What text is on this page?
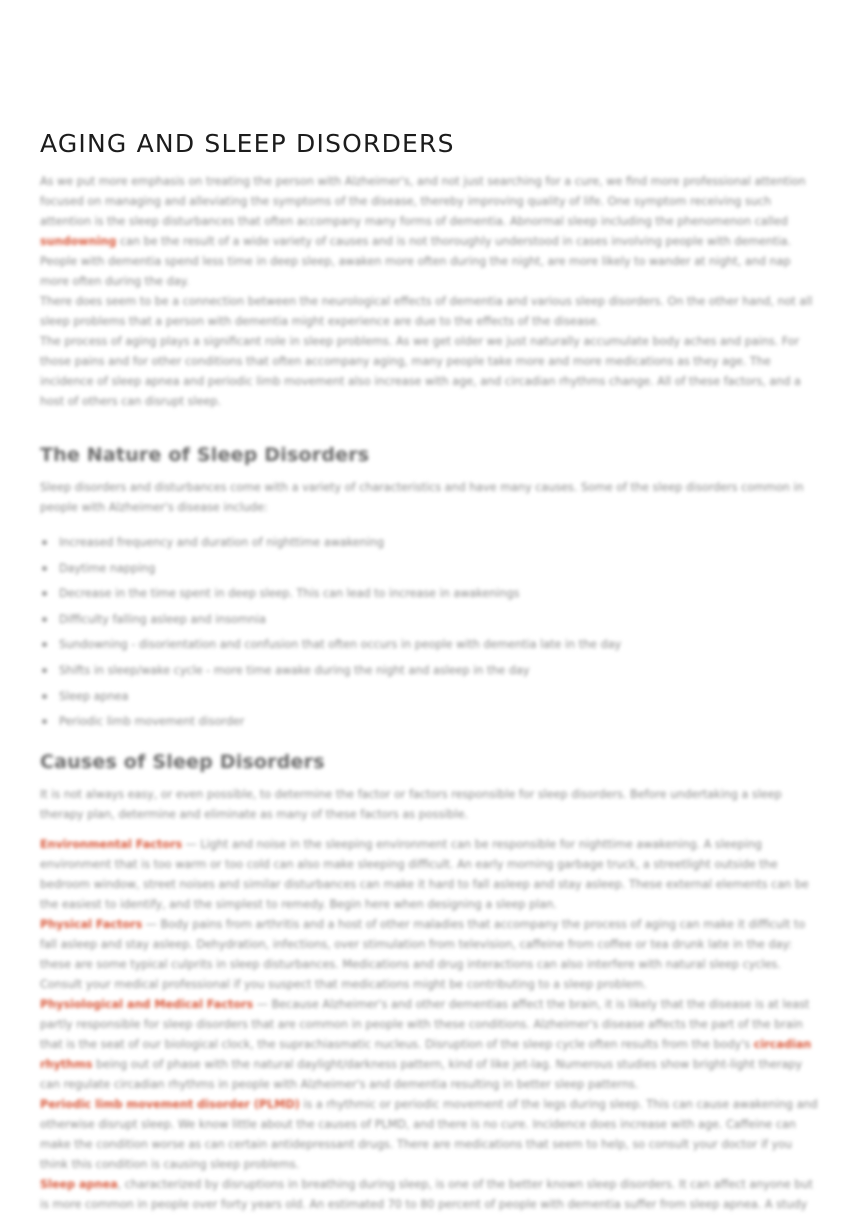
AGING AND SLEEP DISORDERS

As we put more emphasis on treating the person with Alzheimer's, and not just searching for a cure, we find more professional attention focused on managing and alleviating the symptoms of the disease, thereby improving quality of life. One symptom receiving such attention is the sleep disturbances that often accompany many forms of dementia. Abnormal sleep including the phenomenon called sundowning can be the result of a wide variety of causes and is not thoroughly understood in cases involving people with dementia. People with dementia spend less time in deep sleep, awaken more often during the night, are more likely to wander at night, and nap more often during the day.

There does seem to be a connection between the neurological effects of dementia and various sleep disorders. On the other hand, not all sleep problems that a person with dementia might experience are due to the effects of the disease.

The process of aging plays a significant role in sleep problems. As we get older we just naturally accumulate body aches and pains. For those pains and for other conditions that often accompany aging, many people take more and more medications as they age. The incidence of sleep apnea and periodic limb movement also increase with age, and circadian rhythms change. All of these factors, and a host of others can disrupt sleep.

The Nature of Sleep Disorders

Sleep disorders and disturbances come with a variety of characteristics and have many causes. Some of the sleep disorders common in people with Alzheimer's disease include:

Increased frequency and duration of nighttime awakening
Daytime napping
Decrease in the time spent in deep sleep. This can lead to increase in awakenings
Difficulty falling asleep and insomnia
Sundowning - disorientation and confusion that often occurs in people with dementia late in the day
Shifts in sleep/wake cycle - more time awake during the night and asleep in the day
Sleep apnea
Periodic limb movement disorder
Causes of Sleep Disorders

It is not always easy, or even possible, to determine the factor or factors responsible for sleep disorders. Before undertaking a sleep therapy plan, determine and eliminate as many of these factors as possible.

Environmental Factors — Light and noise in the sleeping environment can be responsible for nighttime awakening. A sleeping environment that is too warm or too cold can also make sleeping difficult. An early morning garbage truck, a streetlight outside the bedroom window, street noises and similar disturbances can make it hard to fall asleep and stay asleep. These external elements can be the easiest to identify, and the simplest to remedy. Begin here when designing a sleep plan.

Physical Factors — Body pains from arthritis and a host of other maladies that accompany the process of aging can make it difficult to fall asleep and stay asleep. Dehydration, infections, over stimulation from television, caffeine from coffee or tea drunk late in the day: these are some typical culprits in sleep disturbances. Medications and drug interactions can also interfere with natural sleep cycles. Consult your medical professional if you suspect that medications might be contributing to a sleep problem.

Physiological and Medical Factors — Because Alzheimer's and other dementias affect the brain, it is likely that the disease is at least partly responsible for sleep disorders that are common in people with these conditions. Alzheimer's disease affects the part of the brain that is the seat of our biological clock, the suprachiasmatic nucleus. Disruption of the sleep cycle often results from the body's circadian rhythms being out of phase with the natural daylight/darkness pattern, kind of like jet-lag. Numerous studies show bright-light therapy can regulate circadian rhythms in people with Alzheimer's and dementia resulting in better sleep patterns.

Periodic limb movement disorder (PLMD) is a rhythmic or periodic movement of the legs during sleep. This can cause awakening and otherwise disrupt sleep. We know little about the causes of PLMD, and there is no cure. Incidence does increase with age. Caffeine can make the condition worse as can certain antidepressant drugs. There are medications that seem to help, so consult your doctor if you think this condition is causing sleep problems.

Sleep apnea, characterized by disruptions in breathing during sleep, is one of the better known sleep disorders. It can affect anyone but is more common in people over forty years old. An estimated 70 to 80 percent of people with dementia suffer from sleep apnea. A study
